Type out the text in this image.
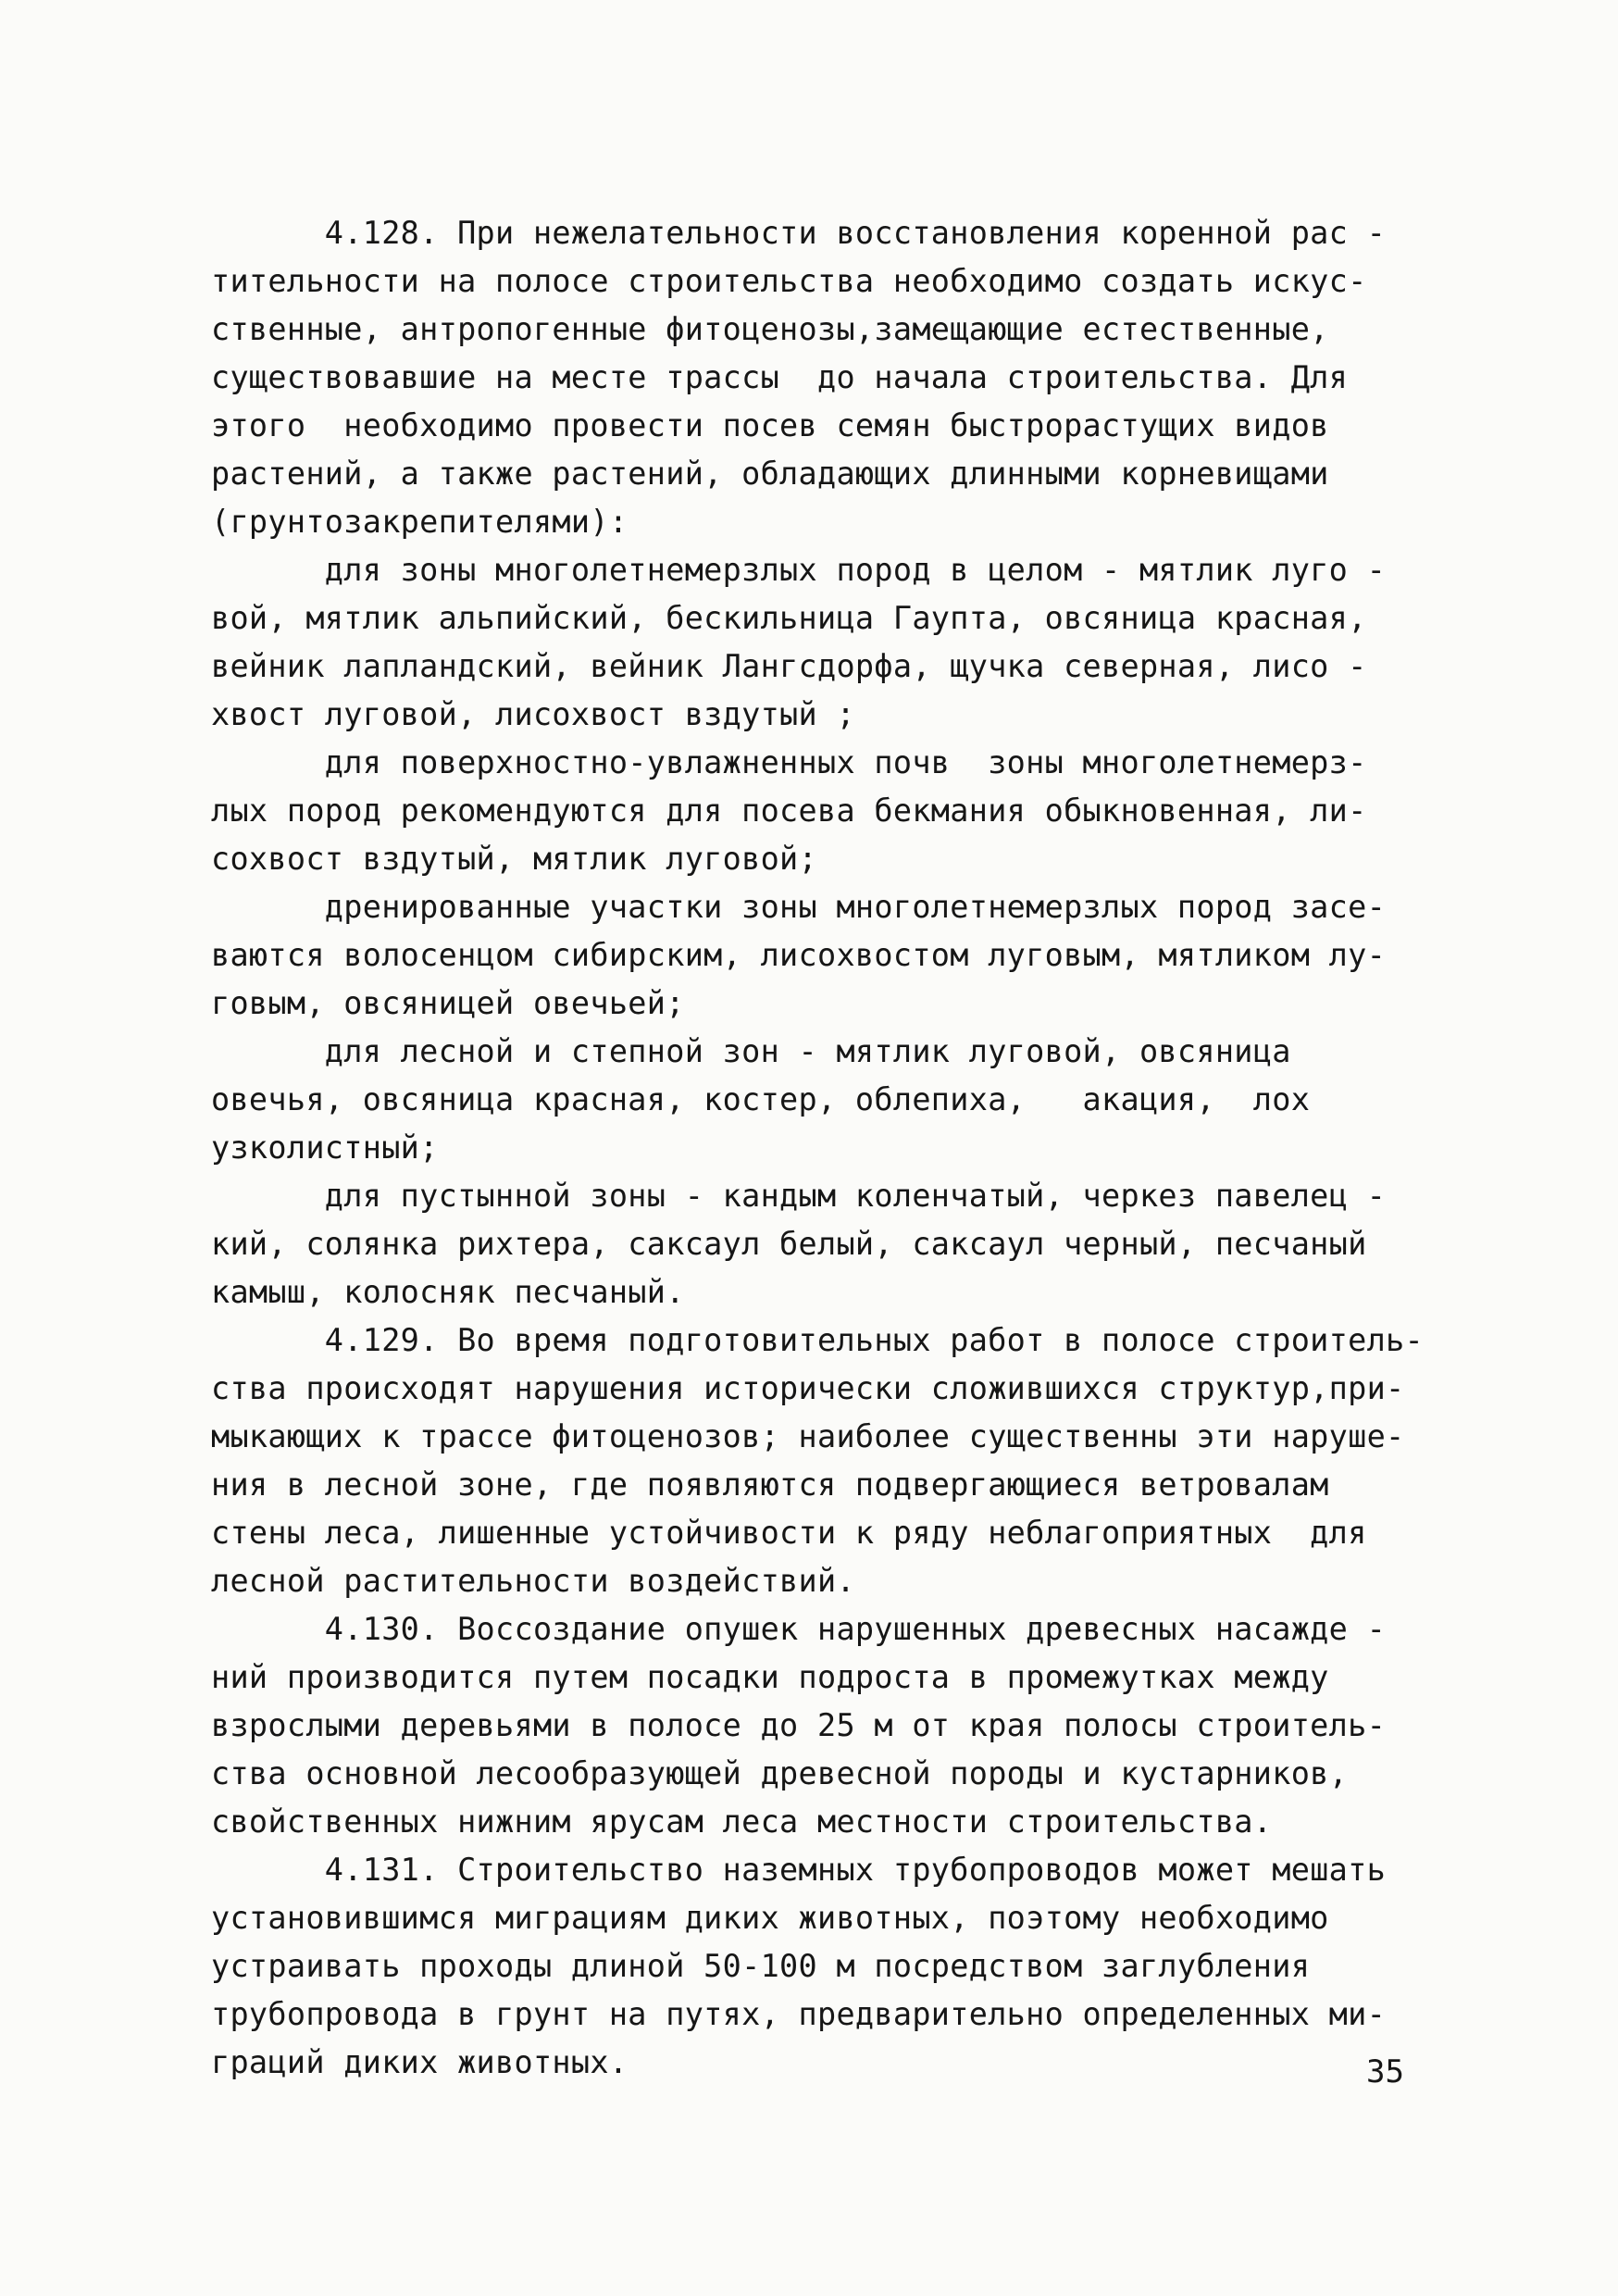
4.128. При нежелательности восстановления коренной рас -
тительности на полосе строительства необходимо создать искус-
ственные, антропогенные фитоценозы,замещающие естественные,
существовавшие на месте трассы  до начала строительства. Для
этого  необходимо провести посев семян быстрорастущих видов
растений, а также растений, обладающих длинными корневищами
(грунтозакрепителями):
для зоны многолетнемерзлых пород в целом - мятлик луго -
вой, мятлик альпийский, бескильница Гаупта, овсяница красная,
вейник лапландский, вейник Лангсдорфа, щучка северная, лисо -
хвост луговой, лисохвост вздутый ;
для поверхностно-увлажненных почв  зоны многолетнемерз-
лых пород рекомендуются для посева бекмания обыкновенная, ли-
сохвост вздутый, мятлик луговой;
дренированные участки зоны многолетнемерзлых пород засе-
ваются волосенцом сибирским, лисохвостом луговым, мятликом лу-
говым, овсяницей овечьей;
для лесной и степной зон - мятлик луговой, овсяница
овечья, овсяница красная, костер, облепиха,   акация,  лох
узколистный;
для пустынной зоны - кандым коленчатый, черкез павелец -
кий, солянка рихтера, саксаул белый, саксаул черный, песчаный
камыш, колосняк песчаный.
4.129. Во время подготовительных работ в полосе строитель-
ства происходят нарушения исторически сложившихся структур,при-
мыкающих к трассе фитоценозов; наиболее существенны эти наруше-
ния в лесной зоне, где появляются подвергающиеся ветровалам
стены леса, лишенные устойчивости к ряду неблагоприятных  для
лесной растительности воздействий.
4.130. Воссоздание опушек нарушенных древесных насажде -
ний производится путем посадки подроста в промежутках между
взрослыми деревьями в полосе до 25 м от края полосы строитель-
ства основной лесообразующей древесной породы и кустарников,
свойственных нижним ярусам леса местности строительства.
4.131. Строительство наземных трубопроводов может мешать
установившимся миграциям диких животных, поэтому необходимо
устраивать проходы длиной 50-100 м посредством заглубления
трубопровода в грунт на путях, предварительно определенных ми-
граций диких животных.	35
